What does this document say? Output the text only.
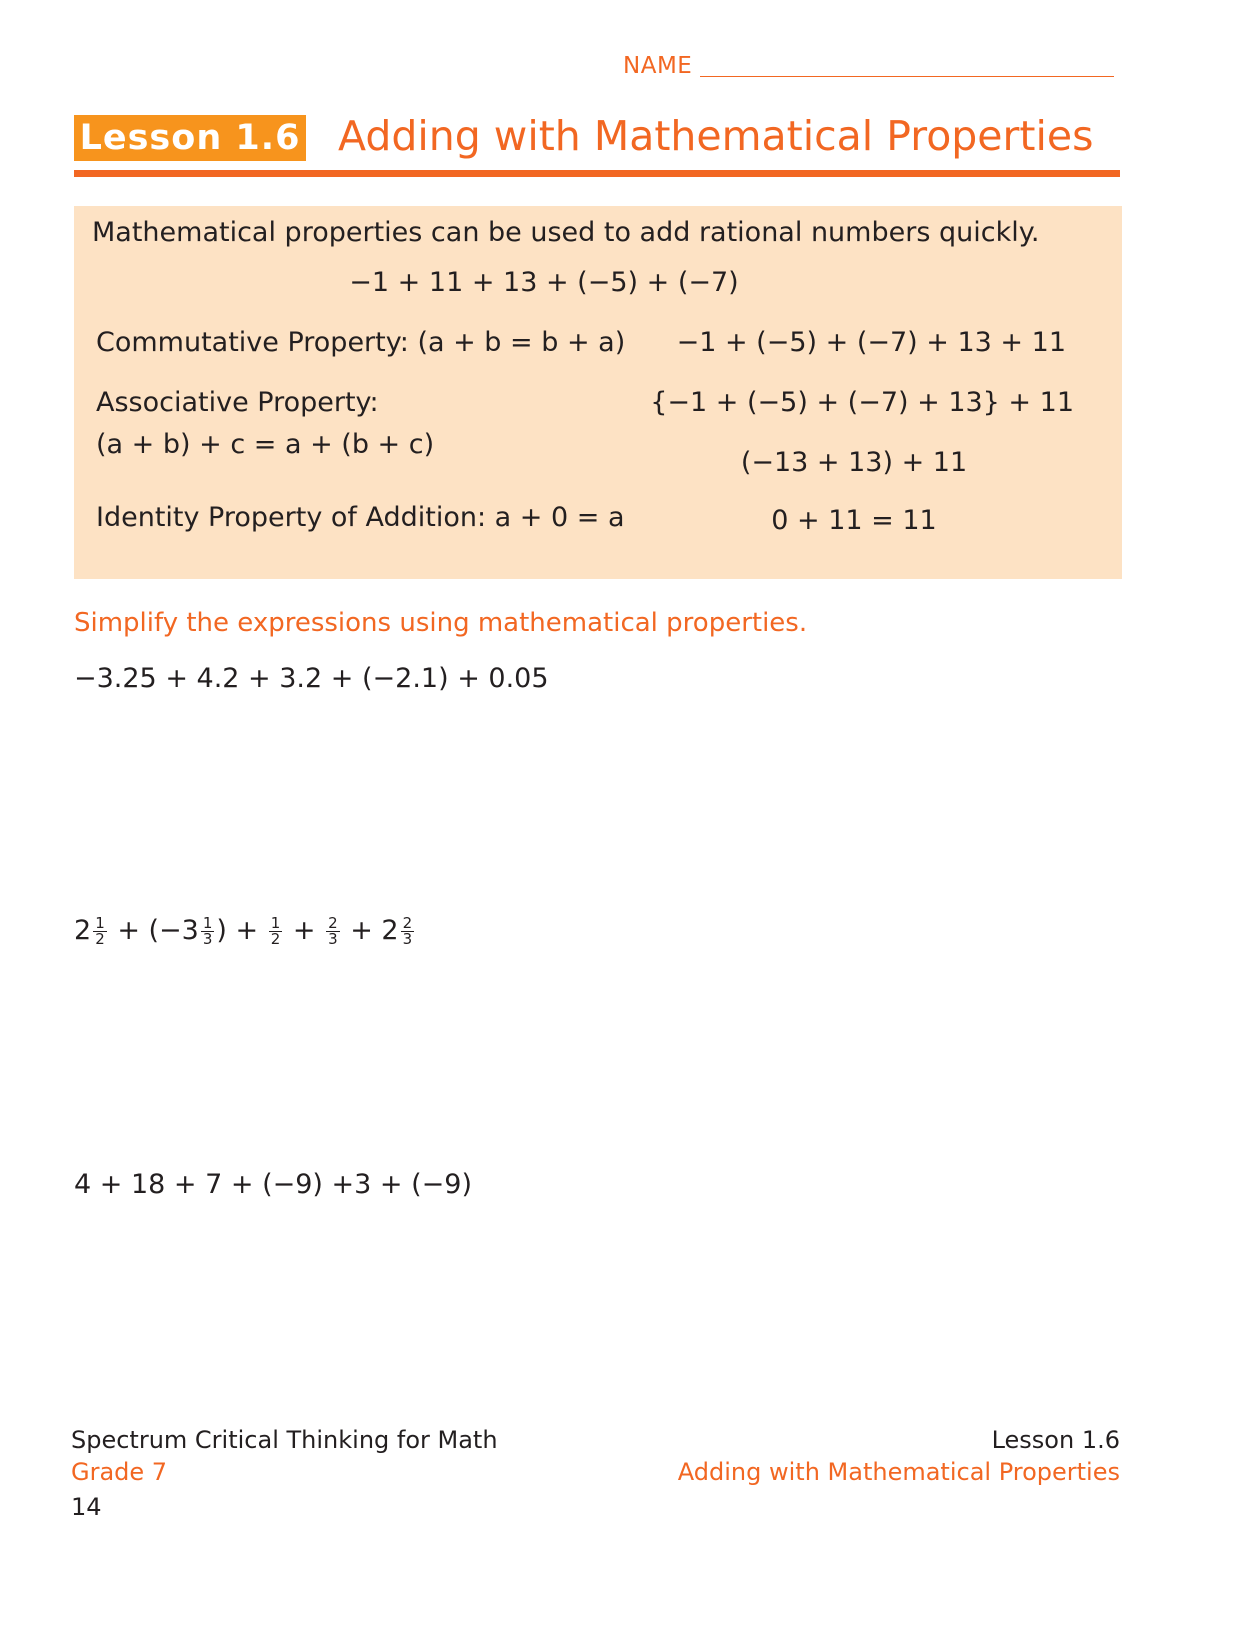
NAME
Lesson 1.6 Adding with Mathematical Properties
Mathematical properties can be used to add rational numbers quickly.
−1 + 11 + 13 + (−5) + (−7)
Commutative Property: (a + b = b + a)	−1 + (−5) + (−7) + 13 + 11
Associative Property:
(a + b) + c = a + (b + c)
{−1 + (−5) + (−7) + 13} + 11
(−13 + 13) + 11
Identity Property of Addition: a + 0 = a	0 + 11 = 11
Simplify the expressions using mathematical properties.
−3.25 + 4.2 + 3.2 + (−2.1) + 0.05
$2 \frac{1}{2} + (-3 \frac{1}{3}$ ) + $\frac{1}{2} + \frac{2}{3} + 2 \frac{2}{3}$
4 + 18 + 7 + (−9) +3 + (−9)
Spectrum Critical Thinking for Math
Grade 7
14
Lesson 1.6
Adding with Mathematical Properties
